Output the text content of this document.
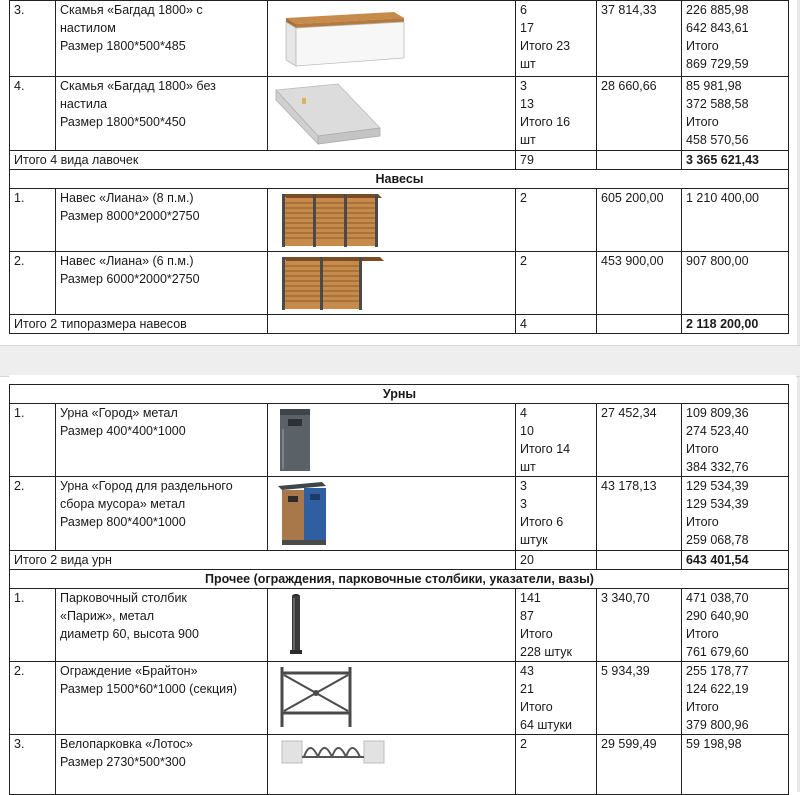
3.	Скамья «Багдад 1800» с
настилом
Размер 1800*500*485		6
17
Итого 23
шт	37 814,33	226 885,98
642 843,61
Итого
869 729,59

4.	Скамья «Багдад 1800» без
настила
Размер 1800*500*450		3
13
Итого 16
шт	28 660,66	85 981,98
372 588,58
Итого
458 570,56

Итого 4 вида лавочек			79		3 365 621,43
Навесы					
1.	Навес «Лиана» (8 п.м.)
Размер 8000*2000*2750		2	605 200,00	1 210 400,00
2.	Навес «Лиана» (6 п.м.)
Размер 6000*2000*2750		2	453 900,00	907 800,00
Итого 2 типоразмера навесов			4		2 118 200,00
Урны					
1.	Урна «Город» метал
Размер 400*400*1000		4
10
Итого 14
шт	27 452,34	109 809,36
274 523,40
Итого
384 332,76

2.	Урна «Город для раздельного
сбора мусора» метал
Размер 800*400*1000		3
3
Итого 6
штук	43 178,13	129 534,39
129 534,39
Итого
259 068,78

Итого 2 вида урн			20		643 401,54
Прочее (ограждения, парковочные столбики, указатели, вазы)					
1.	Парковочный столбик
«Париж», метал
диаметр 60, высота 900		141
87
Итого
228 штук	3 340,70	471 038,70
290 640,90
Итого
761 679,60

2.	Ограждение «Брайтон»
Размер 1500*60*1000 (секция)		43
21
Итого
64 штуки	5 934,39	255 178,77
124 622,19
Итого
379 800,96

3.	Велопарковка «Лотос»
Размер 2730*500*300		2	29 599,49	59 198,98
